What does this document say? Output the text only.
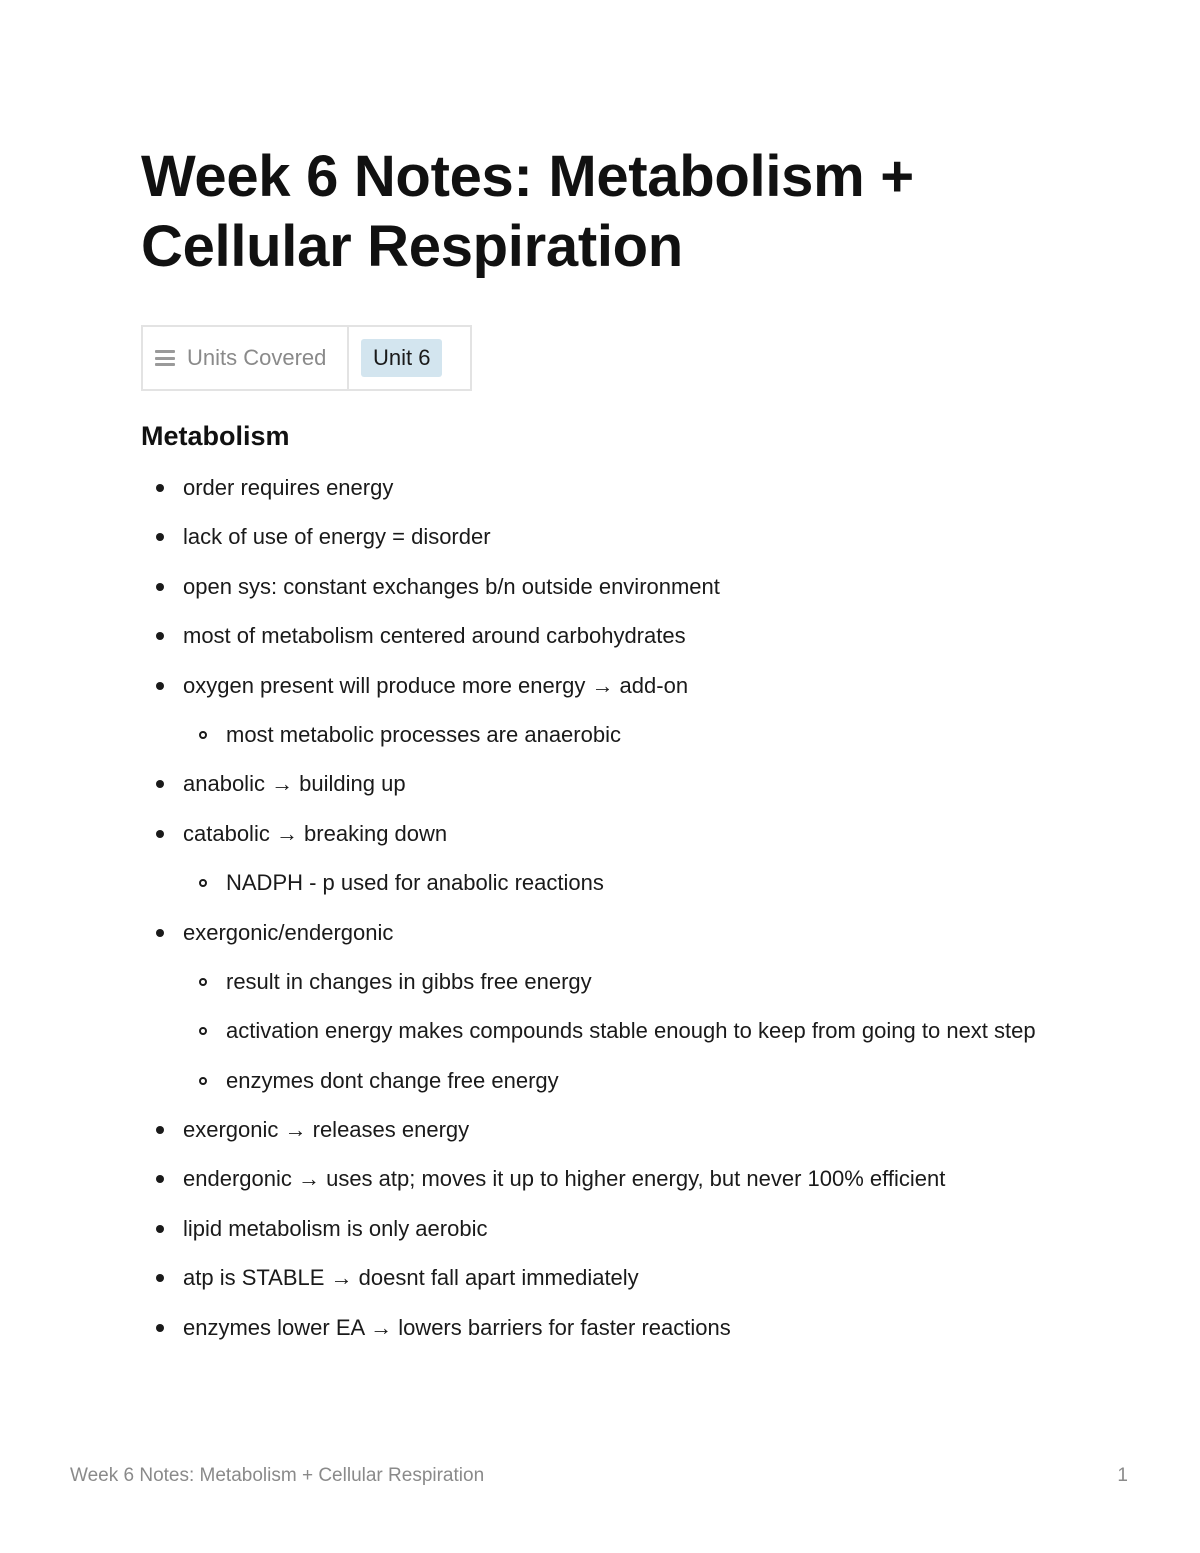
Week 6 Notes: Metabolism + Cellular Respiration
Units Covered	Unit 6
Metabolism
order requires energy
lack of use of energy = disorder
open sys: constant exchanges b/n outside environment
most of metabolism centered around carbohydrates
oxygen present will produce more energy → add-on
most metabolic processes are anaerobic
anabolic → building up
catabolic → breaking down
NADPH - p used for anabolic reactions
exergonic/endergonic
result in changes in gibbs free energy
activation energy makes compounds stable enough to keep from going to next step
enzymes dont change free energy
exergonic → releases energy
endergonic → uses atp; moves it up to higher energy, but never 100% efficient
lipid metabolism is only aerobic
atp is STABLE → doesnt fall apart immediately
enzymes lower EA → lowers barriers for faster reactions
Week 6 Notes: Metabolism + Cellular Respiration	1
